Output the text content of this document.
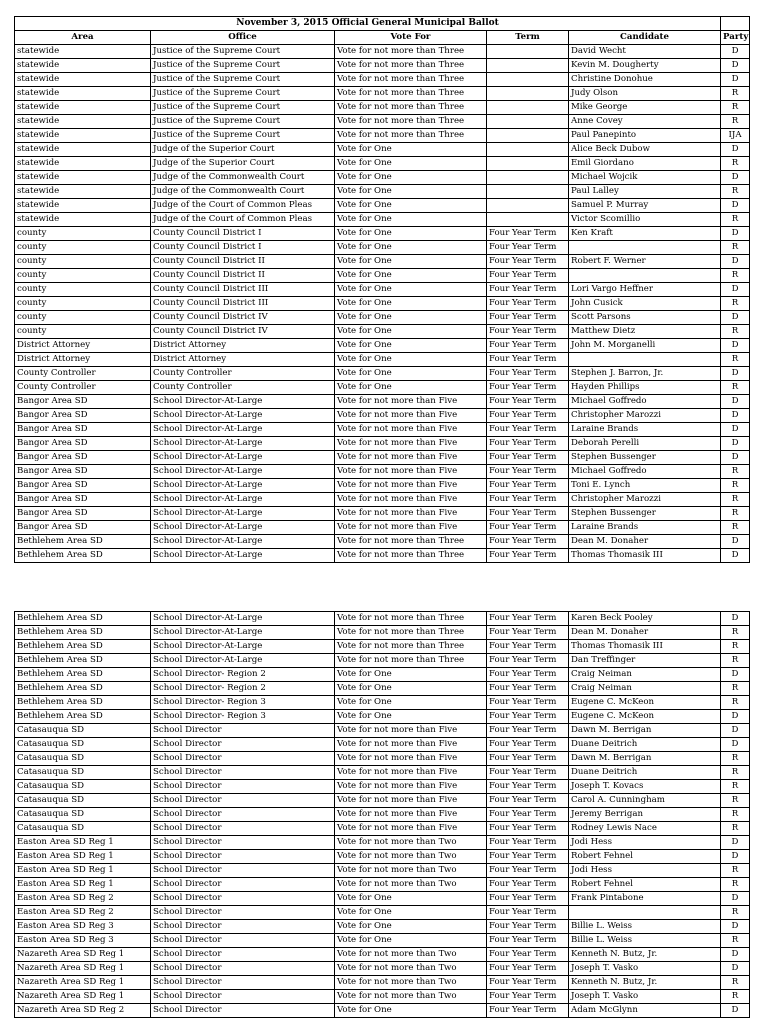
November 3, 2015 Official General Municipal Ballot					
Area	Office	Vote For	Term	Candidate	Party
statewide	Justice of the Supreme Court	Vote for not more than Three		David Wecht	D
statewide	Justice of the Supreme Court	Vote for not more than Three		Kevin M. Dougherty	D
statewide	Justice of the Supreme Court	Vote for not more than Three		Christine Donohue	D
statewide	Justice of the Supreme Court	Vote for not more than Three		Judy Olson	R
statewide	Justice of the Supreme Court	Vote for not more than Three		Mike George	R
statewide	Justice of the Supreme Court	Vote for not more than Three		Anne Covey	R
statewide	Justice of the Supreme Court	Vote for not more than Three		Paul Panepinto	IJA
statewide	Judge of the Superior Court	Vote for One		Alice Beck Dubow	D
statewide	Judge of the Superior Court	Vote for One		Emil Giordano	R
statewide	Judge of the Commonwealth Court	Vote for One		Michael Wojcik	D
statewide	Judge of the Commonwealth Court	Vote for One		Paul Lalley	R
statewide	Judge of the Court of Common Pleas	Vote for One		Samuel P. Murray	D
statewide	Judge of the Court of Common Pleas	Vote for One		Victor Scomillio	R
county	County Council District I	Vote for One	Four Year Term	Ken Kraft	D
county	County Council District I	Vote for One	Four Year Term		R
county	County Council District II	Vote for One	Four Year Term	Robert F. Werner	D
county	County Council District II	Vote for One	Four Year Term		R
county	County Council District III	Vote for One	Four Year Term	Lori Vargo Heffner	D
county	County Council District III	Vote for One	Four Year Term	John Cusick	R
county	County Council District IV	Vote for One	Four Year Term	Scott Parsons	D
county	County Council District IV	Vote for One	Four Year Term	Matthew Dietz	R
District Attorney	District Attorney	Vote for One	Four Year Term	John M. Morganelli	D
District Attorney	District Attorney	Vote for One	Four Year Term		R
County Controller	County Controller	Vote for One	Four Year Term	Stephen J. Barron, Jr.	D
County Controller	County Controller	Vote for One	Four Year Term	Hayden Phillips	R
Bangor Area SD	School Director-At-Large	Vote for not more than Five	Four Year Term	Michael Goffredo	D
Bangor Area SD	School Director-At-Large	Vote for not more than Five	Four Year Term	Christopher Marozzi	D
Bangor Area SD	School Director-At-Large	Vote for not more than Five	Four Year Term	Laraine Brands	D
Bangor Area SD	School Director-At-Large	Vote for not more than Five	Four Year Term	Deborah Perelli	D
Bangor Area SD	School Director-At-Large	Vote for not more than Five	Four Year Term	Stephen Bussenger	D
Bangor Area SD	School Director-At-Large	Vote for not more than Five	Four Year Term	Michael Goffredo	R
Bangor Area SD	School Director-At-Large	Vote for not more than Five	Four Year Term	Toni E. Lynch	R
Bangor Area SD	School Director-At-Large	Vote for not more than Five	Four Year Term	Christopher Marozzi	R
Bangor Area SD	School Director-At-Large	Vote for not more than Five	Four Year Term	Stephen Bussenger	R
Bangor Area SD	School Director-At-Large	Vote for not more than Five	Four Year Term	Laraine Brands	R
Bethlehem Area SD	School Director-At-Large	Vote for not more than Three	Four Year Term	Dean M. Donaher	D
Bethlehem Area SD	School Director-At-Large	Vote for not more than Three	Four Year Term	Thomas Thomasik III	D
Bethlehem Area SD	School Director-At-Large	Vote for not more than Three	Four Year Term	Karen Beck Pooley	D
Bethlehem Area SD	School Director-At-Large	Vote for not more than Three	Four Year Term	Dean M. Donaher	R
Bethlehem Area SD	School Director-At-Large	Vote for not more than Three	Four Year Term	Thomas Thomasik III	R
Bethlehem Area SD	School Director-At-Large	Vote for not more than Three	Four Year Term	Dan Treffinger	R
Bethlehem Area SD	School Director- Region 2	Vote for One	Four Year Term	Craig Neiman	D
Bethlehem Area SD	School Director- Region 2	Vote for One	Four Year Term	Craig Neiman	R
Bethlehem Area SD	School Director- Region 3	Vote for One	Four Year Term	Eugene C. McKeon	R
Bethlehem Area SD	School Director- Region 3	Vote for One	Four Year Term	Eugene C. McKeon	D
Catasauqua SD	School Director	Vote for not more than Five	Four Year Term	Dawn M. Berrigan	D
Catasauqua SD	School Director	Vote for not more than Five	Four Year Term	Duane Deitrich	D
Catasauqua SD	School Director	Vote for not more than Five	Four Year Term	Dawn M. Berrigan	R
Catasauqua SD	School Director	Vote for not more than Five	Four Year Term	Duane Deitrich	R
Catasauqua SD	School Director	Vote for not more than Five	Four Year Term	Joseph T. Kovacs	R
Catasauqua SD	School Director	Vote for not more than Five	Four Year Term	Carol A. Cunningham	R
Catasauqua SD	School Director	Vote for not more than Five	Four Year Term	Jeremy Berrigan	R
Catasauqua SD	School Director	Vote for not more than Five	Four Year Term	Rodney Lewis Nace	R
Easton Area SD Reg 1	School Director	Vote for not more than Two	Four Year Term	Jodi Hess	D
Easton Area SD Reg 1	School Director	Vote for not more than Two	Four Year Term	Robert Fehnel	D
Easton Area SD Reg 1	School Director	Vote for not more than Two	Four Year Term	Jodi Hess	R
Easton Area SD Reg 1	School Director	Vote for not more than Two	Four Year Term	Robert Fehnel	R
Easton Area SD Reg 2	School Director	Vote for One	Four Year Term	Frank Pintabone	D
Easton Area SD Reg 2	School Director	Vote for One	Four Year Term		R
Easton Area SD Reg 3	School Director	Vote for One	Four Year Term	Billie L. Weiss	D
Easton Area SD Reg 3	School Director	Vote for One	Four Year Term	Billie L. Weiss	R
Nazareth Area SD Reg 1	School Director	Vote for not more than Two	Four Year Term	Kenneth N. Butz, Jr.	D
Nazareth Area SD Reg 1	School Director	Vote for not more than Two	Four Year Term	Joseph T. Vasko	D
Nazareth Area SD Reg 1	School Director	Vote for not more than Two	Four Year Term	Kenneth N. Butz, Jr.	R
Nazareth Area SD Reg 1	School Director	Vote for not more than Two	Four Year Term	Joseph T. Vasko	R
Nazareth Area SD Reg 2	School Director	Vote for One	Four Year Term	Adam McGlynn	D
